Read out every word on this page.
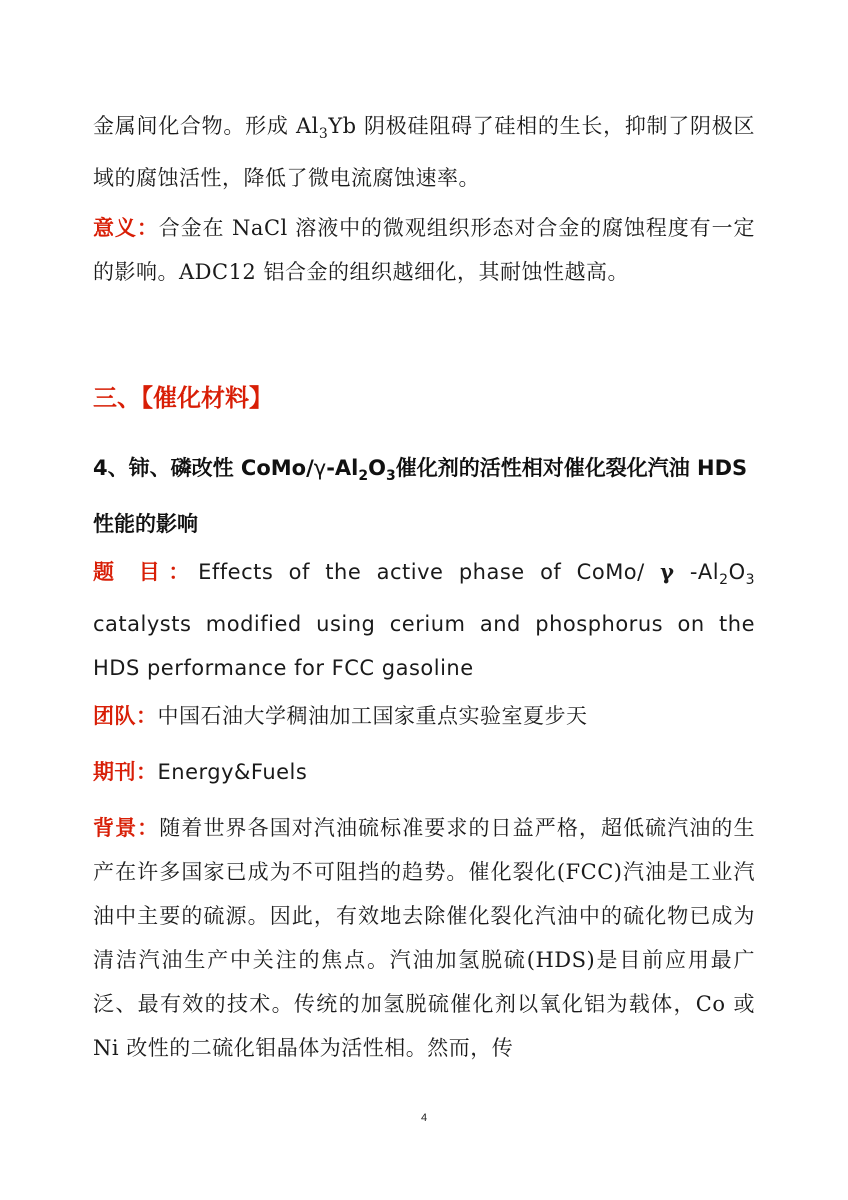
金属间化合物。形成 $Al_3Yb$ 阴极硅阻碍了硅相的生长，抑制了阴极区域的腐蚀活性，降低了微电流腐蚀速率。

意义：合金在 NaCl 溶液中的微观组织形态对合金的腐蚀程度有一定的影响。ADC12 铝合金的组织越细化，其耐蚀性越高。

三、【催化材料】
4、铈、磷改性 CoMo/$\gamma-Al_2O_3$催化剂的活性相对催化裂化汽油 HDS 性能的影响

题 目：Effects of the active phase of CoMo/ γ $-Al_2O_3$ catalysts modified using cerium and phosphorus on the HDS performance for FCC gasoline

团队：中国石油大学稠油加工国家重点实验室夏步天

期刊：Energy&Fuels

背景：随着世界各国对汽油硫标准要求的日益严格，超低硫汽油的生产在许多国家已成为不可阻挡的趋势。催化裂化(FCC)汽油是工业汽油中主要的硫源。因此，有效地去除催化裂化汽油中的硫化物已成为清洁汽油生产中关注的焦点。汽油加氢脱硫(HDS)是目前应用最广泛、最有效的技术。传统的加氢脱硫催化剂以氧化铝为载体，Co 或 Ni 改性的二硫化钼晶体为活性相。然而，传

4
